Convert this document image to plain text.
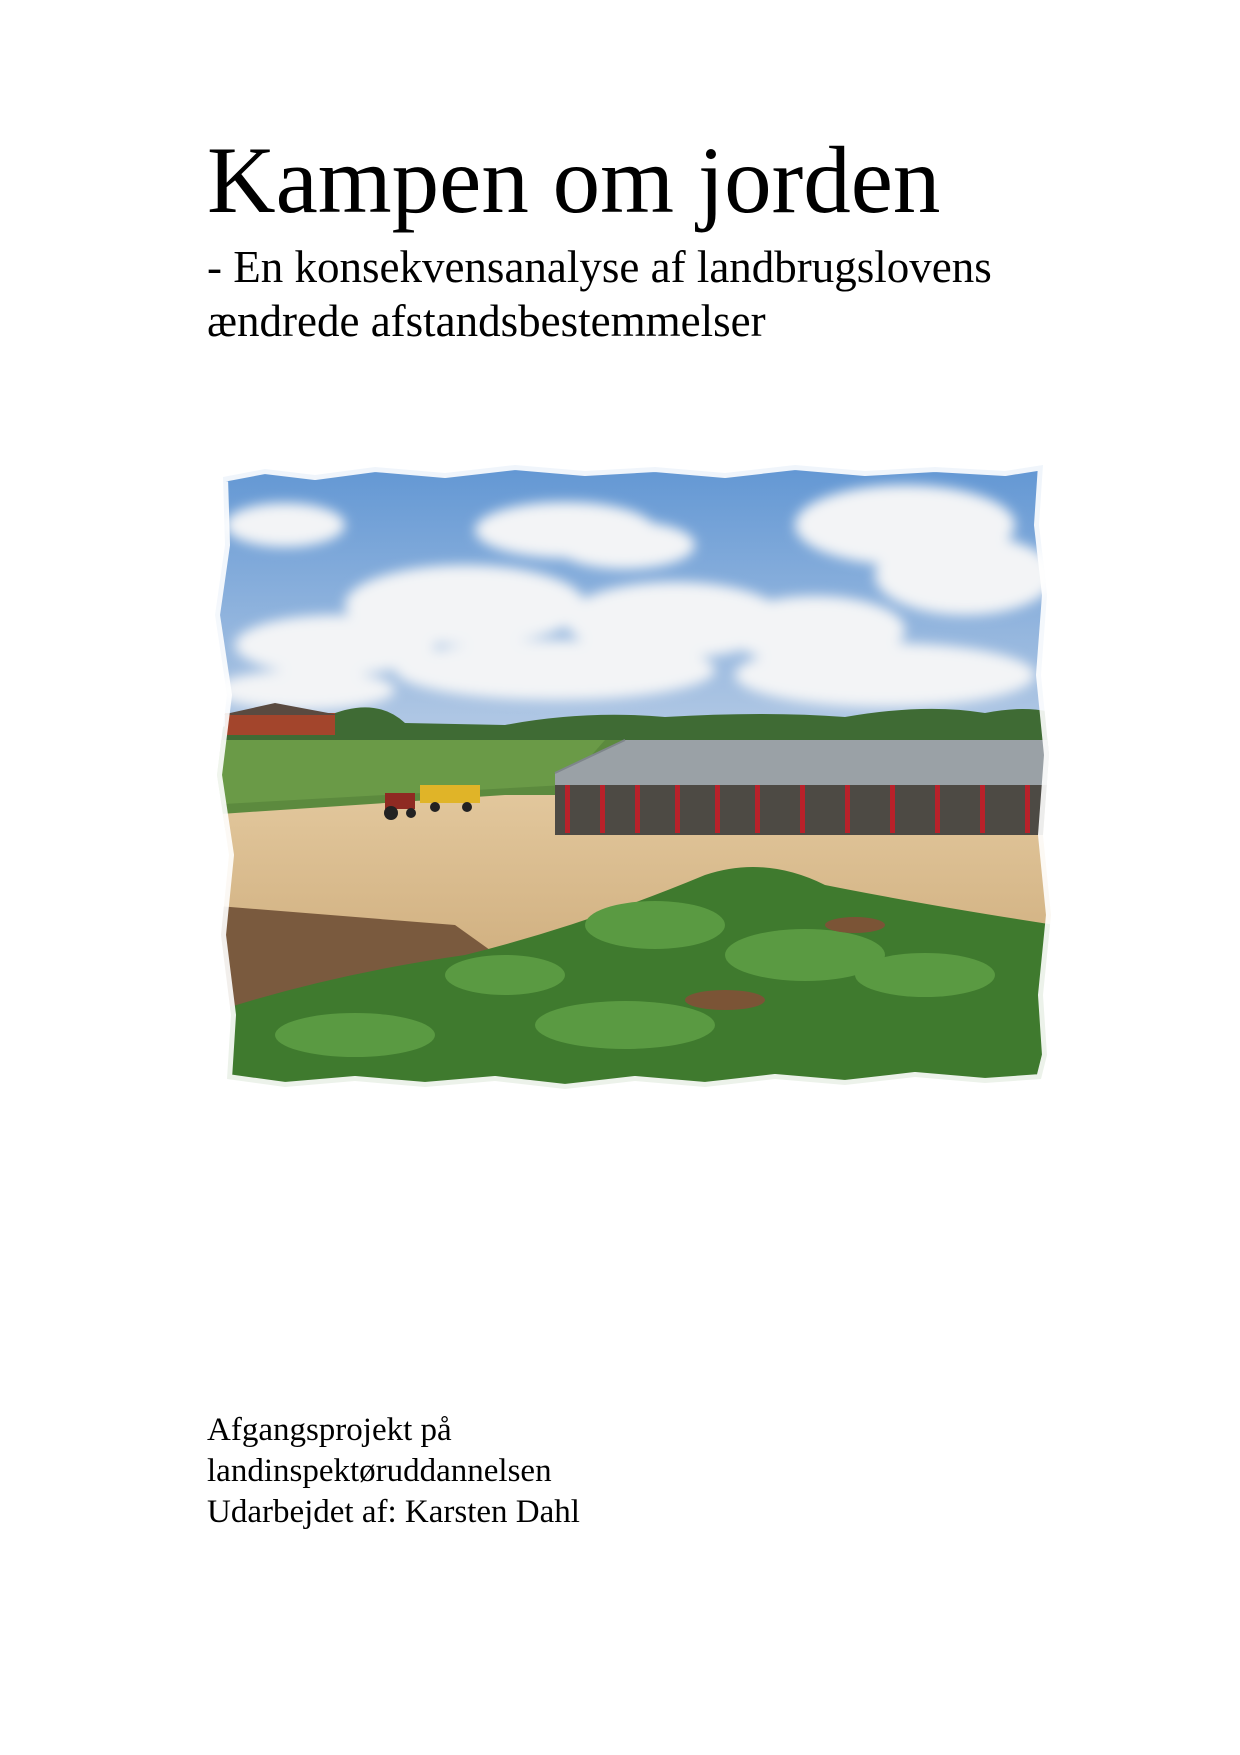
Kampen om jorden
- En konsekvensanalyse af landbrugslovens
ændrede afstandsbestemmelser
Afgangsprojekt på
landinspektøruddannelsen
Udarbejdet af: Karsten Dahl
